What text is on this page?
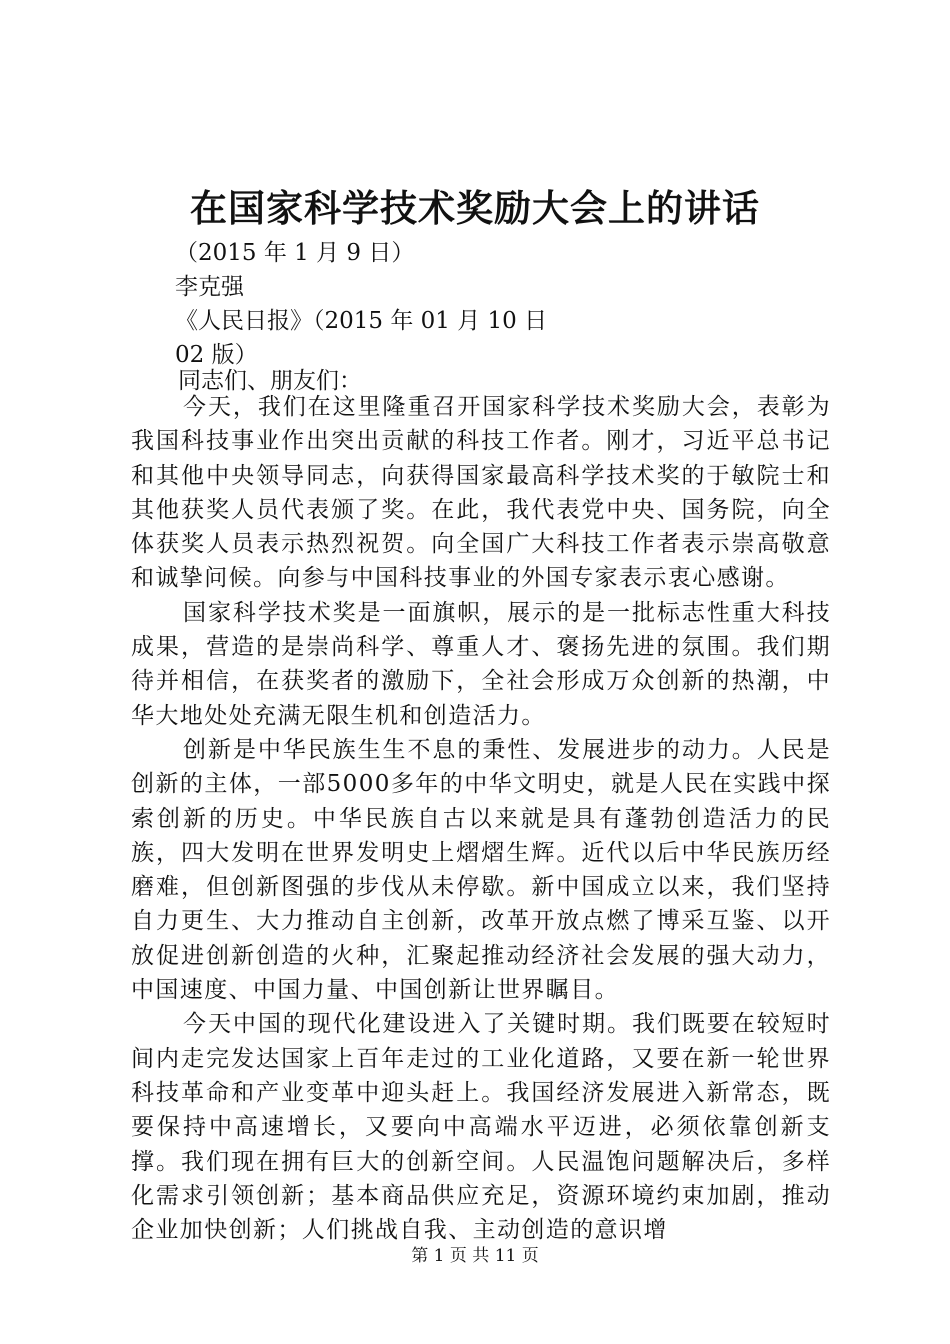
在国家科学技术奖励大会上的讲话
（2015 年 1 月 9 日）
李克强
《人民日报》（2015 年 01 月 10 日
02 版）
同志们、朋友们：

今天，我们在这里隆重召开国家科学技术奖励大会，表彰为我国科技事业作出突出贡献的科技工作者。刚才，习近平总书记和其他中央领导同志，向获得国家最高科学技术奖的于敏院士和其他获奖人员代表颁了奖。在此，我代表党中央、国务院，向全体获奖人员表示热烈祝贺。向全国广大科技工作者表示崇高敬意和诚挚问候。向参与中国科技事业的外国专家表示衷心感谢。

国家科学技术奖是一面旗帜，展示的是一批标志性重大科技成果，营造的是崇尚科学、尊重人才、褒扬先进的氛围。我们期待并相信，在获奖者的激励下，全社会形成万众创新的热潮，中华大地处处充满无限生机和创造活力。

创新是中华民族生生不息的秉性、发展进步的动力。人民是创新的主体，一部5000多年的中华文明史，就是人民在实践中探索创新的历史。中华民族自古以来就是具有蓬勃创造活力的民族，四大发明在世界发明史上熠熠生辉。近代以后中华民族历经磨难，但创新图强的步伐从未停歇。新中国成立以来，我们坚持自力更生、大力推动自主创新，改革开放点燃了博采互鉴、以开放促进创新创造的火种，汇聚起推动经济社会发展的强大动力，中国速度、中国力量、中国创新让世界瞩目。

今天中国的现代化建设进入了关键时期。我们既要在较短时间内走完发达国家上百年走过的工业化道路，又要在新一轮世界科技革命和产业变革中迎头赶上。我国经济发展进入新常态，既要保持中高速增长，又要向中高端水平迈进，必须依靠创新支撑。我们现在拥有巨大的创新空间。人民温饱问题解决后，多样化需求引领创新；基本商品供应充足，资源环境约束加剧，推动企业加快创新；人们挑战自我、主动创造的意识增

第 1 页 共 11 页
